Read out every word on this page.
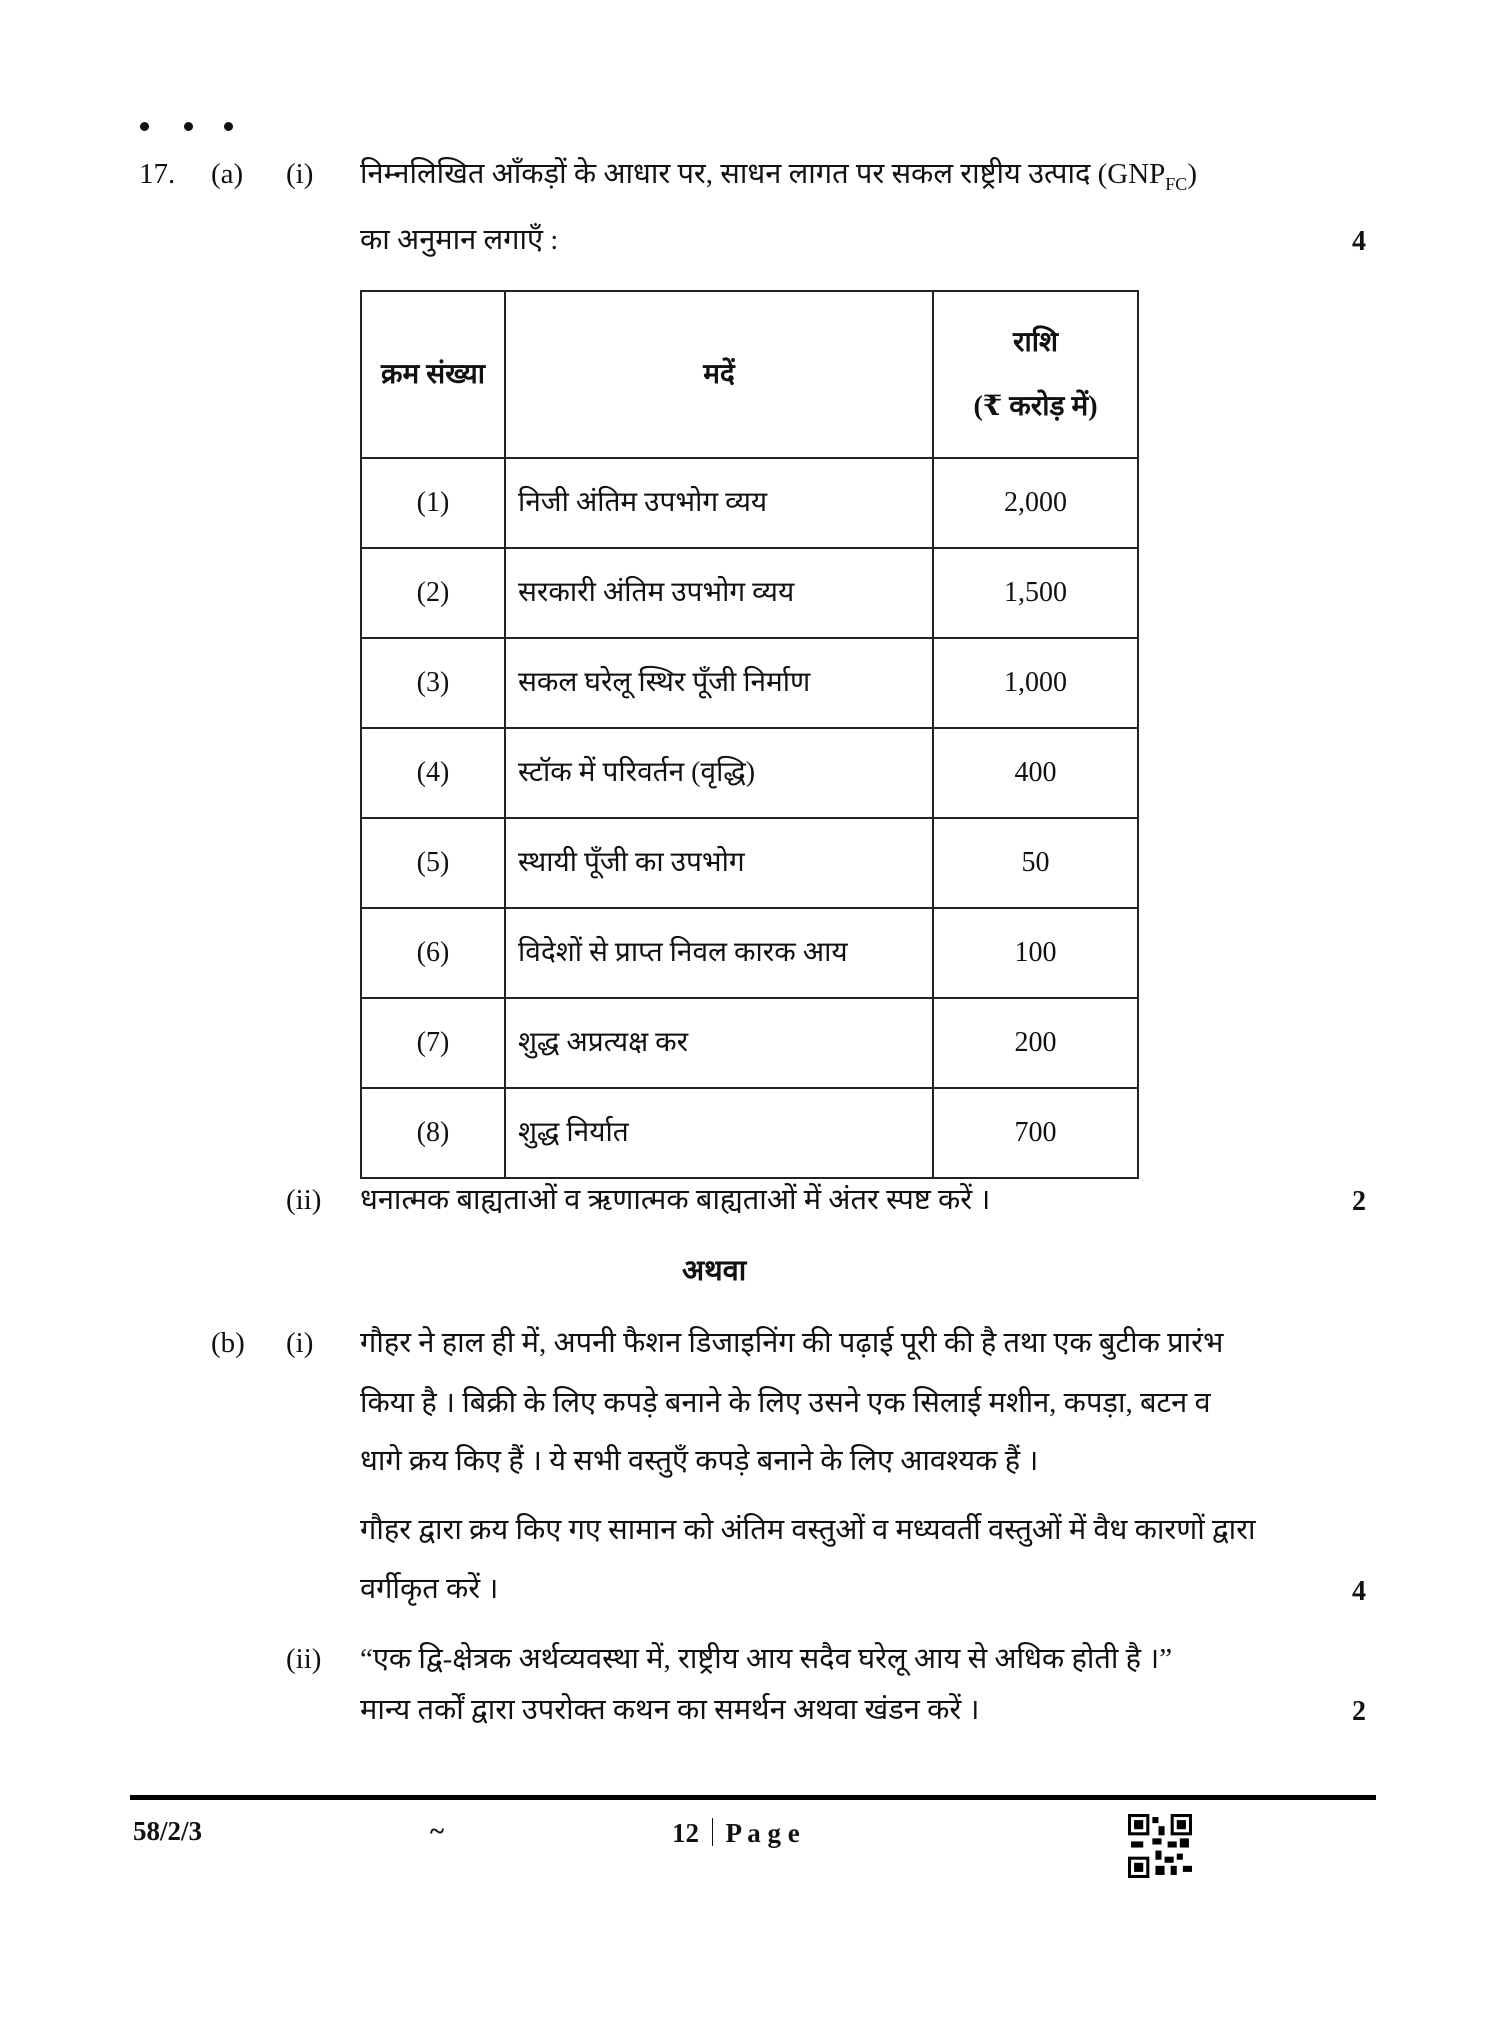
17. (a) (i) निम्नलिखित आँकड़ों के आधार पर, साधन लागत पर सकल राष्ट्रीय उत्पाद $(GNP_{FC})$
का अनुमान लगाएँ :	4
क्रम संख्या	मदें	राशि
(₹ करोड़ में)

(1)	निजी अंतिम उपभोग व्यय	2,000
(2)	सरकारी अंतिम उपभोग व्यय	1,500
(3)	सकल घरेलू स्थिर पूँजी निर्माण	1,000
(4)	स्टॉक में परिवर्तन (वृद्धि)	400
(5)	स्थायी पूँजी का उपभोग	50
(6)	विदेशों से प्राप्त निवल कारक आय	100
(7)	शुद्ध अप्रत्यक्ष कर	200
(8)	शुद्ध निर्यात	700
(ii) धनात्मक बाह्यताओं व ऋणात्मक बाह्यताओं में अंतर स्पष्ट करें ।	2
अथवा
(b) (i) गौहर ने हाल ही में, अपनी फैशन डिजाइनिंग की पढ़ाई पूरी की है तथा एक बुटीक प्रारंभ
किया है । बिक्री के लिए कपड़े बनाने के लिए उसने एक सिलाई मशीन, कपड़ा, बटन व
धागे क्रय किए हैं । ये सभी वस्तुएँ कपड़े बनाने के लिए आवश्यक हैं ।
गौहर द्वारा क्रय किए गए सामान को अंतिम वस्तुओं व मध्यवर्ती वस्तुओं में वैध कारणों द्वारा
वर्गीकृत करें ।	4
(ii) “एक द्वि-क्षेत्रक अर्थव्यवस्था में, राष्ट्रीय आय सदैव घरेलू आय से अधिक होती है ।”
मान्य तर्कों द्वारा उपरोक्त कथन का समर्थन अथवा खंडन करें ।	2
58/2/3	~	12 P a g e
